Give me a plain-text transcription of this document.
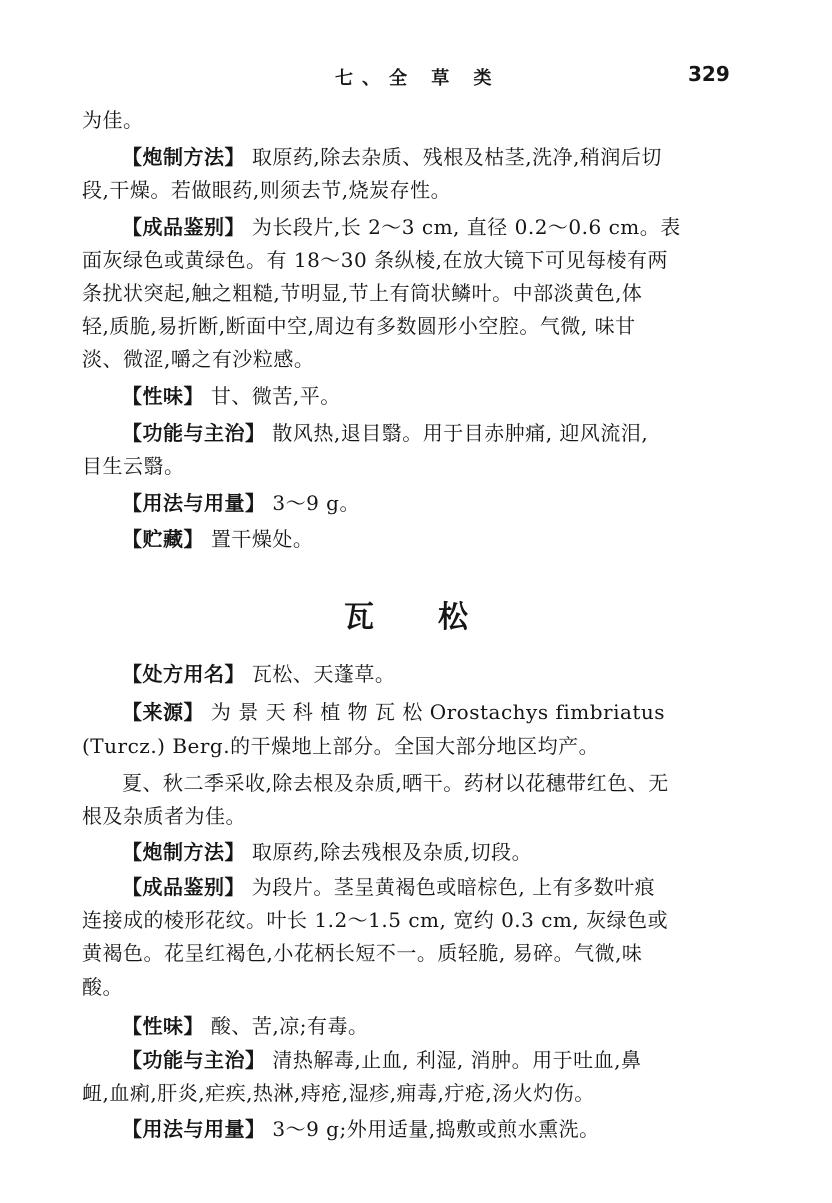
七、全 草 类	329
为佳。
【炮制方法】 取原药,除去杂质、残根及枯茎,洗净,稍润后切
段,干燥。若做眼药,则须去节,烧炭存性。
【成品鉴别】 为长段片,长 2～3 cm, 直径 0.2～0.6 cm。表
面灰绿色或黄绿色。有 18～30 条纵棱,在放大镜下可见每棱有两
条扰状突起,触之粗糙,节明显,节上有筒状鳞叶。中部淡黄色,体
轻,质脆,易折断,断面中空,周边有多数圆形小空腔。气微, 味甘
淡、微涩,嚼之有沙粒感。
【性味】 甘、微苦,平。
【功能与主治】 散风热,退目翳。用于目赤肿痛, 迎风流泪,
目生云翳。
【用法与用量】 3～9 g。
【贮藏】 置干燥处。
瓦松
【处方用名】 瓦松、天蓬草。
【来源】 为 景 天 科 植 物 瓦 松 Orostachys fimbriatus
(Turcz.) Berg.的干燥地上部分。全国大部分地区均产。
夏、秋二季采收,除去根及杂质,晒干。药材以花穗带红色、无
根及杂质者为佳。
【炮制方法】 取原药,除去残根及杂质,切段。
【成品鉴别】 为段片。茎呈黄褐色或暗棕色, 上有多数叶痕
连接成的棱形花纹。叶长 1.2～1.5 cm, 宽约 0.3 cm, 灰绿色或
黄褐色。花呈红褐色,小花柄长短不一。质轻脆, 易碎。气微,味
酸。
【性味】 酸、苦,凉;有毒。
【功能与主治】 清热解毒,止血, 利湿, 消肿。用于吐血,鼻
衄,血痢,肝炎,疟疾,热淋,痔疮,湿疹,痈毒,疔疮,汤火灼伤。
【用法与用量】 3～9 g;外用适量,捣敷或煎水熏洗。
